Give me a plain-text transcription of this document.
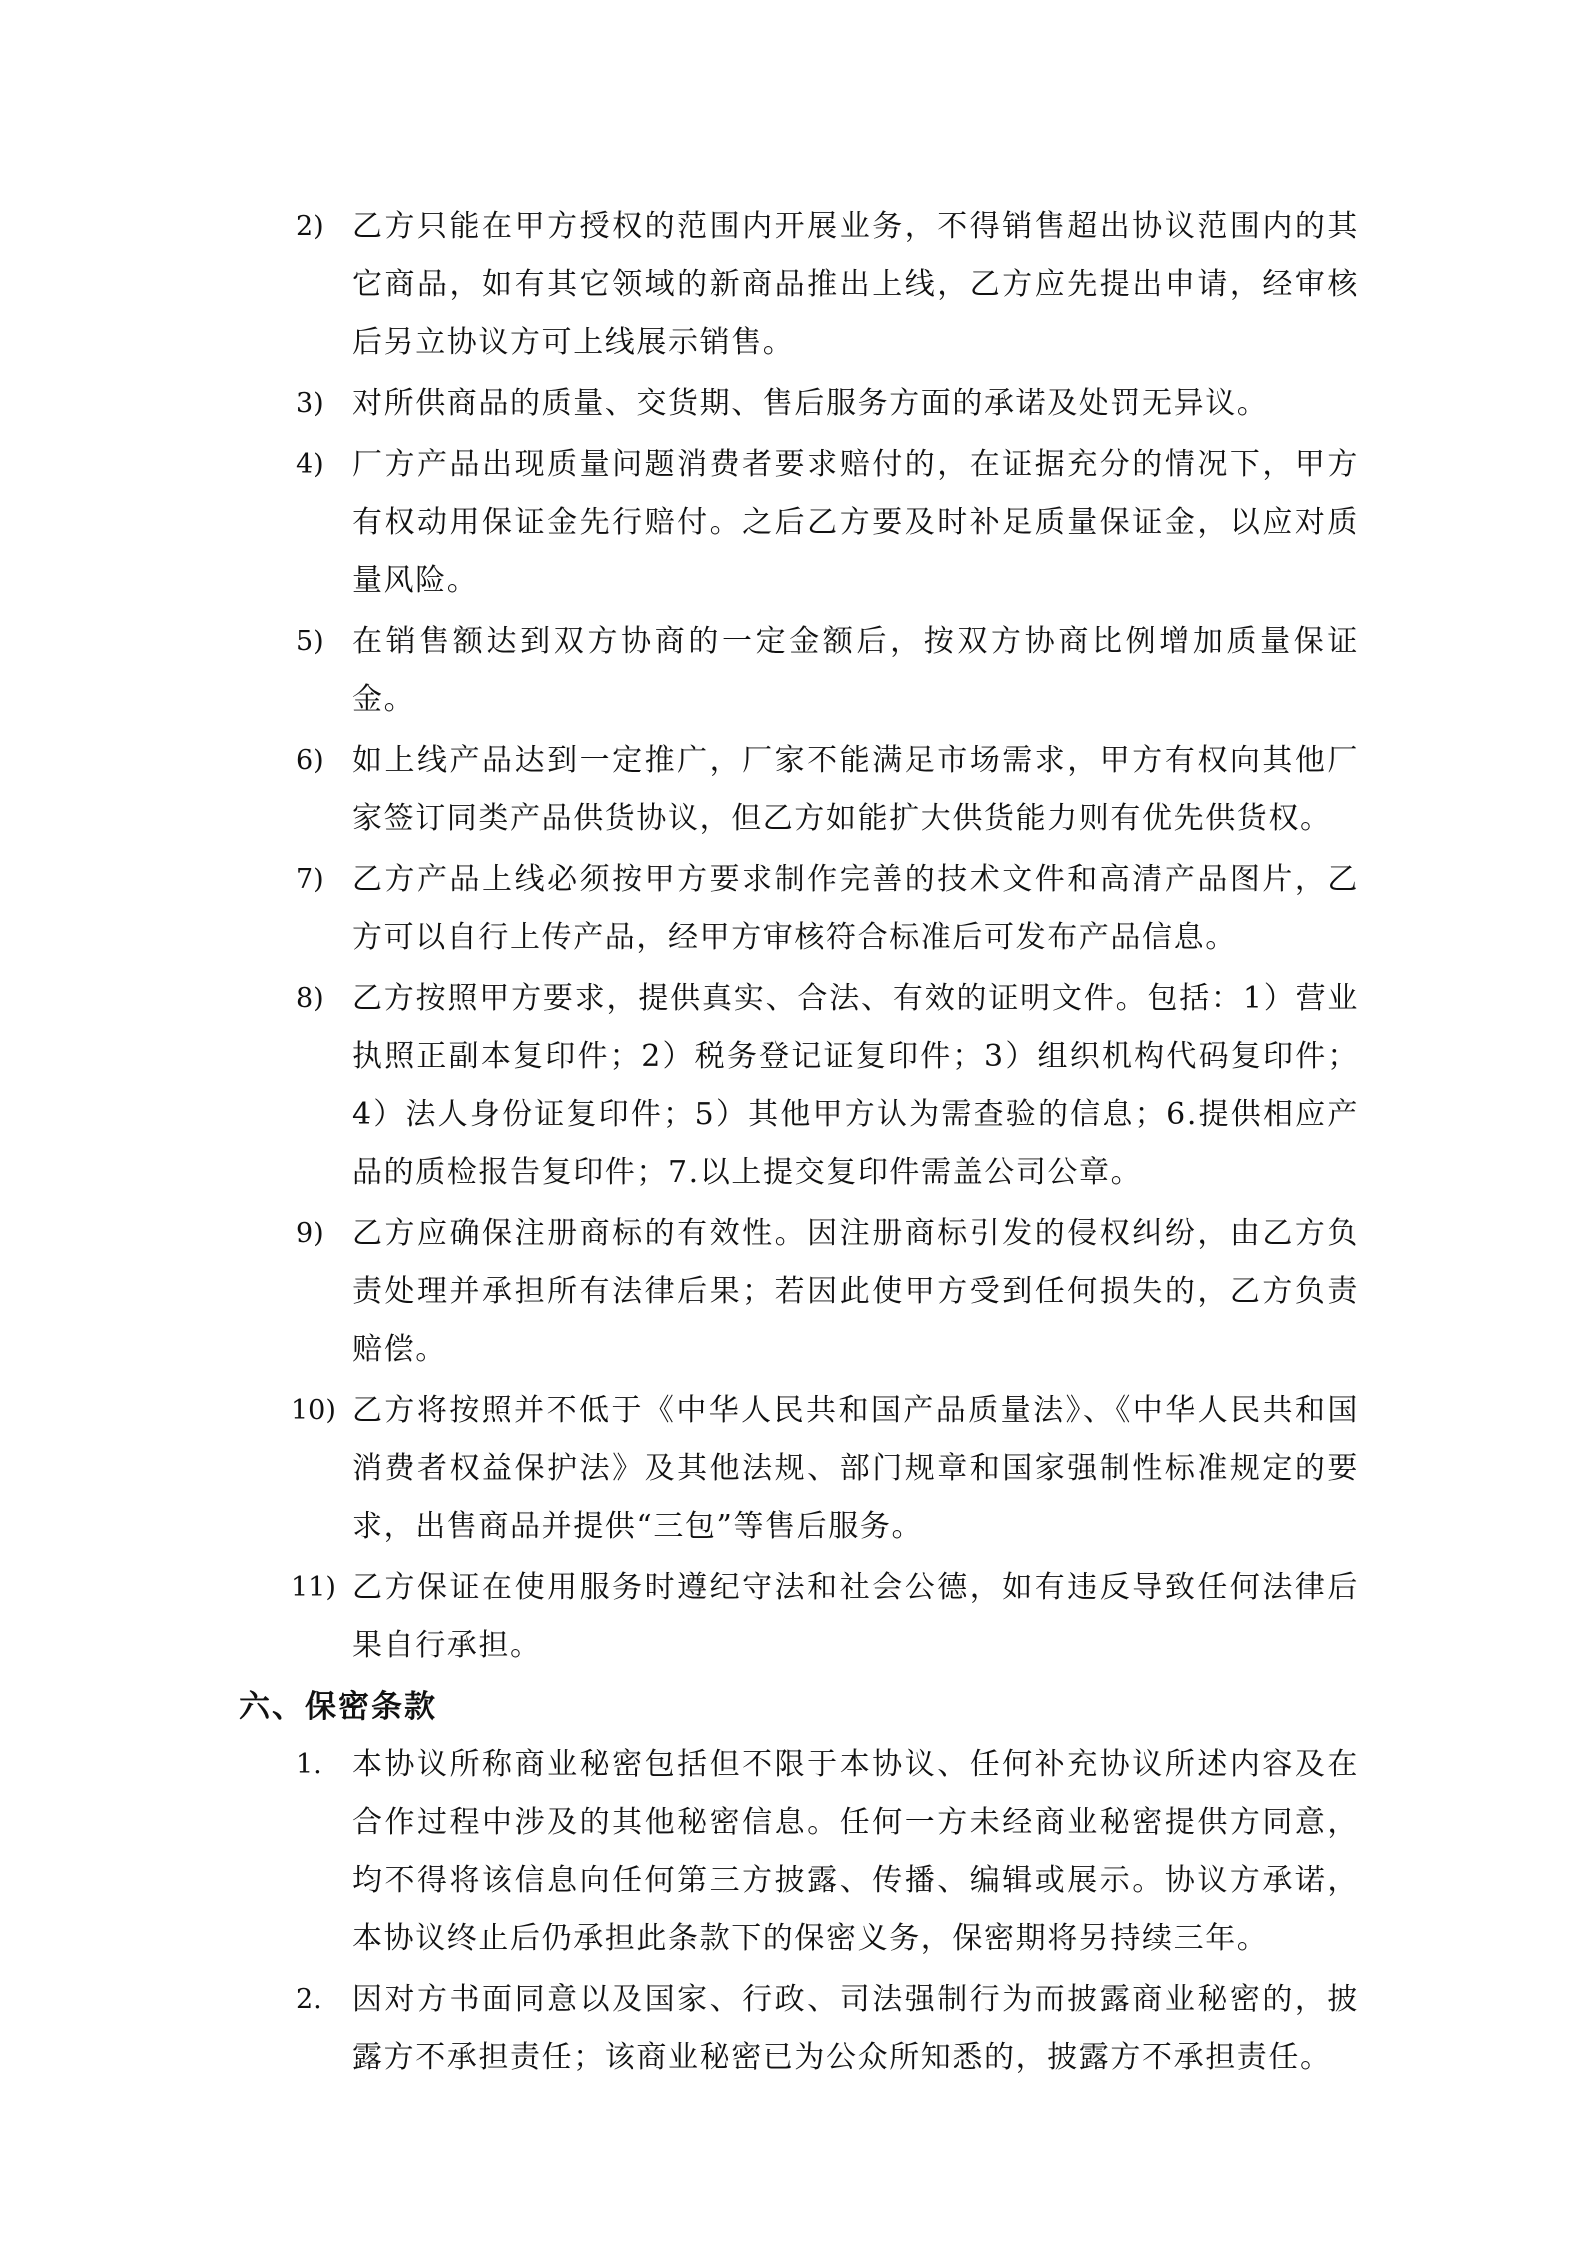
2) 乙方只能在甲方授权的范围内开展业务，不得销售超出协议范围内的其它商品，如有其它领域的新商品推出上线，乙方应先提出申请，经审核后另立协议方可上线展示销售。
3) 对所供商品的质量、交货期、售后服务方面的承诺及处罚无异议。
4) 厂方产品出现质量问题消费者要求赔付的，在证据充分的情况下，甲方有权动用保证金先行赔付。之后乙方要及时补足质量保证金，以应对质量风险。
5) 在销售额达到双方协商的一定金额后，按双方协商比例增加质量保证金。
6) 如上线产品达到一定推广，厂家不能满足市场需求，甲方有权向其他厂家签订同类产品供货协议，但乙方如能扩大供货能力则有优先供货权。
7) 乙方产品上线必须按甲方要求制作完善的技术文件和高清产品图片，乙方可以自行上传产品，经甲方审核符合标准后可发布产品信息。
8) 乙方按照甲方要求，提供真实、合法、有效的证明文件。包括：1）营业执照正副本复印件；2）税务登记证复印件；3）组织机构代码复印件；4）法人身份证复印件；5）其他甲方认为需查验的信息；6.提供相应产品的质检报告复印件；7.以上提交复印件需盖公司公章。
9) 乙方应确保注册商标的有效性。因注册商标引发的侵权纠纷，由乙方负责处理并承担所有法律后果；若因此使甲方受到任何损失的，乙方负责赔偿。
10) 乙方将按照并不低于《中华人民共和国产品质量法》、《中华人民共和国消费者权益保护法》及其他法规、部门规章和国家强制性标准规定的要求，出售商品并提供“三包”等售后服务。
11) 乙方保证在使用服务时遵纪守法和社会公德，如有违反导致任何法律后果自行承担。
六、保密条款
1. 本协议所称商业秘密包括但不限于本协议、任何补充协议所述内容及在合作过程中涉及的其他秘密信息。任何一方未经商业秘密提供方同意，均不得将该信息向任何第三方披露、传播、编辑或展示。协议方承诺，本协议终止后仍承担此条款下的保密义务，保密期将另持续三年。
2. 因对方书面同意以及国家、行政、司法强制行为而披露商业秘密的，披露方不承担责任；该商业秘密已为公众所知悉的，披露方不承担责任。
